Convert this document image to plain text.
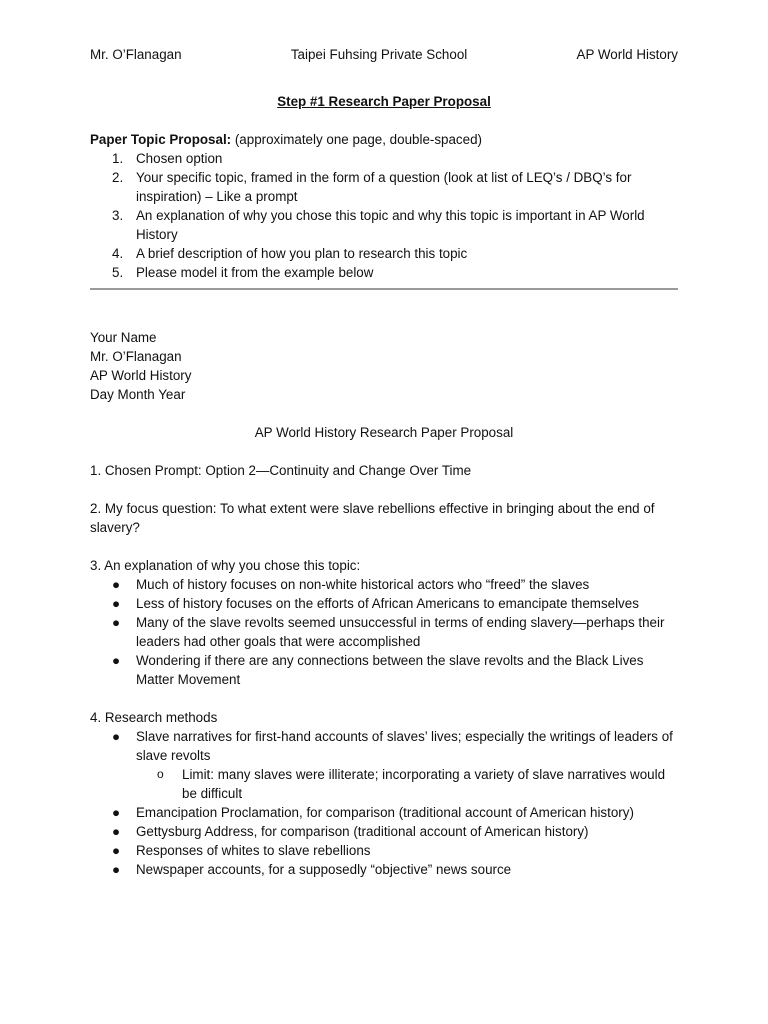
Mr. O’Flanagan	Taipei Fuhsing Private School	AP World History
Step #1 Research Paper Proposal
Paper Topic Proposal: (approximately one page, double-spaced)
1. Chosen option
2. Your specific topic, framed in the form of a question (look at list of LEQ’s / DBQ’s for inspiration) – Like a prompt
3. An explanation of why you chose this topic and why this topic is important in AP World History
4. A brief description of how you plan to research this topic
5. Please model it from the example below
Your Name
Mr. O’Flanagan
AP World History
Day Month Year
AP World History Research Paper Proposal
1. Chosen Prompt: Option 2—Continuity and Change Over Time
2. My focus question: To what extent were slave rebellions effective in bringing about the end of slavery?
3. An explanation of why you chose this topic:
● Much of history focuses on non-white historical actors who “freed” the slaves
● Less of history focuses on the efforts of African Americans to emancipate themselves
● Many of the slave revolts seemed unsuccessful in terms of ending slavery—perhaps their leaders had other goals that were accomplished
● Wondering if there are any connections between the slave revolts and the Black Lives Matter Movement
4. Research methods
● Slave narratives for first-hand accounts of slaves’ lives; especially the writings of leaders of slave revolts
o Limit: many slaves were illiterate; incorporating a variety of slave narratives would be difficult
● Emancipation Proclamation, for comparison (traditional account of American history)
● Gettysburg Address, for comparison (traditional account of American history)
● Responses of whites to slave rebellions
● Newspaper accounts, for a supposedly “objective” news source
